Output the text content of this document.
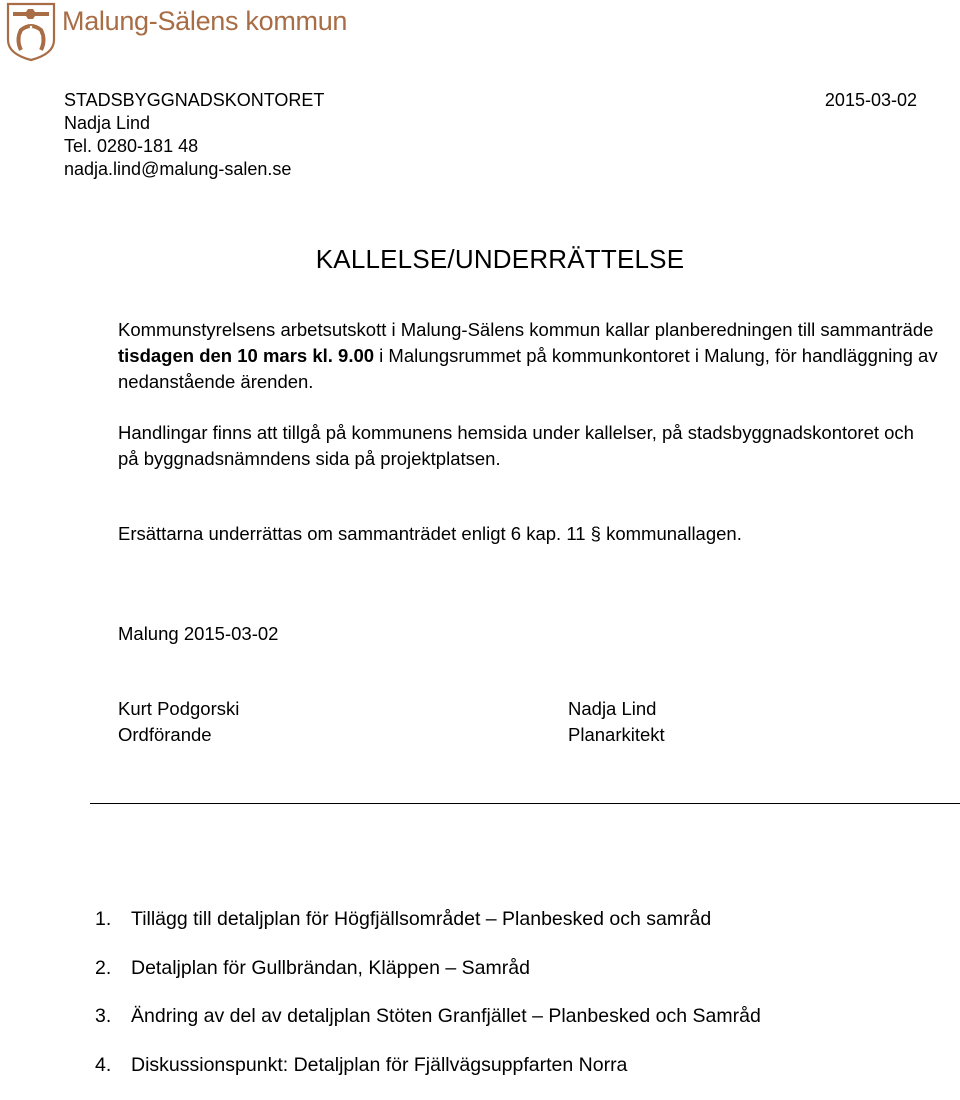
Malung-Sälens kommun
STADSBYGGNADSKONTORET
Nadja Lind
Tel. 0280-181 48
nadja.lind@malung-salen.se
2015-03-02
KALLELSE/UNDERRÄTTELSE
Kommunstyrelsens arbetsutskott i Malung-Sälens kommun kallar planberedningen till sammanträde tisdagen den 10 mars kl. 9.00 i Malungsrummet på kommunkontoret i Malung, för handläggning av nedanstående ärenden.
Handlingar finns att tillgå på kommunens hemsida under kallelser, på stadsbyggnadskontoret och på byggnadsnämndens sida på projektplatsen.
Ersättarna underrättas om sammanträdet enligt 6 kap. 11 § kommunallagen.
Malung 2015-03-02
Kurt Podgorski
Ordförande
Nadja Lind
Planarkitekt
1. Tillägg till detaljplan för Högfjällsområdet – Planbesked och samråd
2. Detaljplan för Gullbrändan, Kläppen – Samråd
3. Ändring av del av detaljplan Stöten Granfjället – Planbesked och Samråd
4. Diskussionspunkt: Detaljplan för Fjällvägsuppfarten Norra
